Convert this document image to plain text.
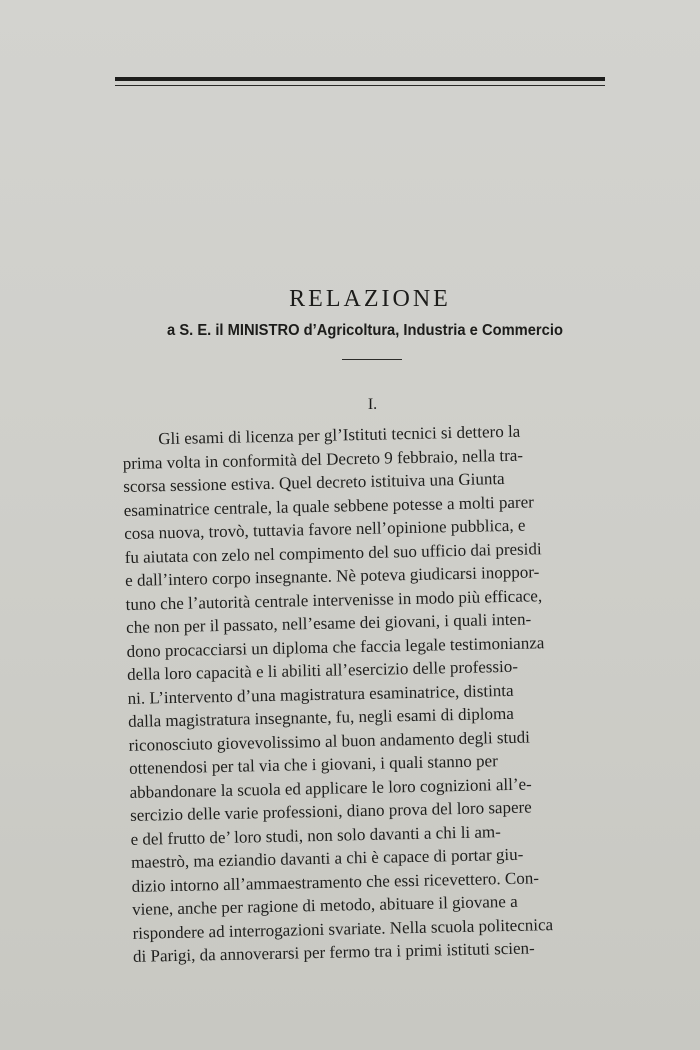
RELAZIONE
a S. E. il MINISTRO d’Agricoltura, Industria e Commercio
I.
Gli esami di licenza per gl’Istituti tecnici si dettero la
prima volta in conformità del Decreto 9 febbraio, nella tra-
scorsa sessione estiva. Quel decreto istituiva una Giunta
esaminatrice centrale, la quale sebbene potesse a molti parer
cosa nuova, trovò, tuttavia favore nell’opinione pubblica, e
fu aiutata con zelo nel compimento del suo ufficio dai presidi
e dall’intero corpo insegnante. Nè poteva giudicarsi inoppor-
tuno che l’autorità centrale intervenisse in modo più efficace,
che non per il passato, nell’esame dei giovani, i quali inten-
dono procacciarsi un diploma che faccia legale testimonianza
della loro capacità e li abiliti all’esercizio delle professio-
ni. L’intervento d’una magistratura esaminatrice, distinta
dalla magistratura insegnante, fu, negli esami di diploma
riconosciuto giovevolissimo al buon andamento degli studi
ottenendosi per tal via che i giovani, i quali stanno per
abbandonare la scuola ed applicare le loro cognizioni all’e-
sercizio delle varie professioni, diano prova del loro sapere
e del frutto de’ loro studi, non solo davanti a chi li am-
maestrò, ma eziandio davanti a chi è capace di portar giu-
dizio intorno all’ammaestramento che essi ricevettero. Con-
viene, anche per ragione di metodo, abituare il giovane a
rispondere ad interrogazioni svariate. Nella scuola politecnica
di Parigi, da annoverarsi per fermo tra i primi istituti scien-
